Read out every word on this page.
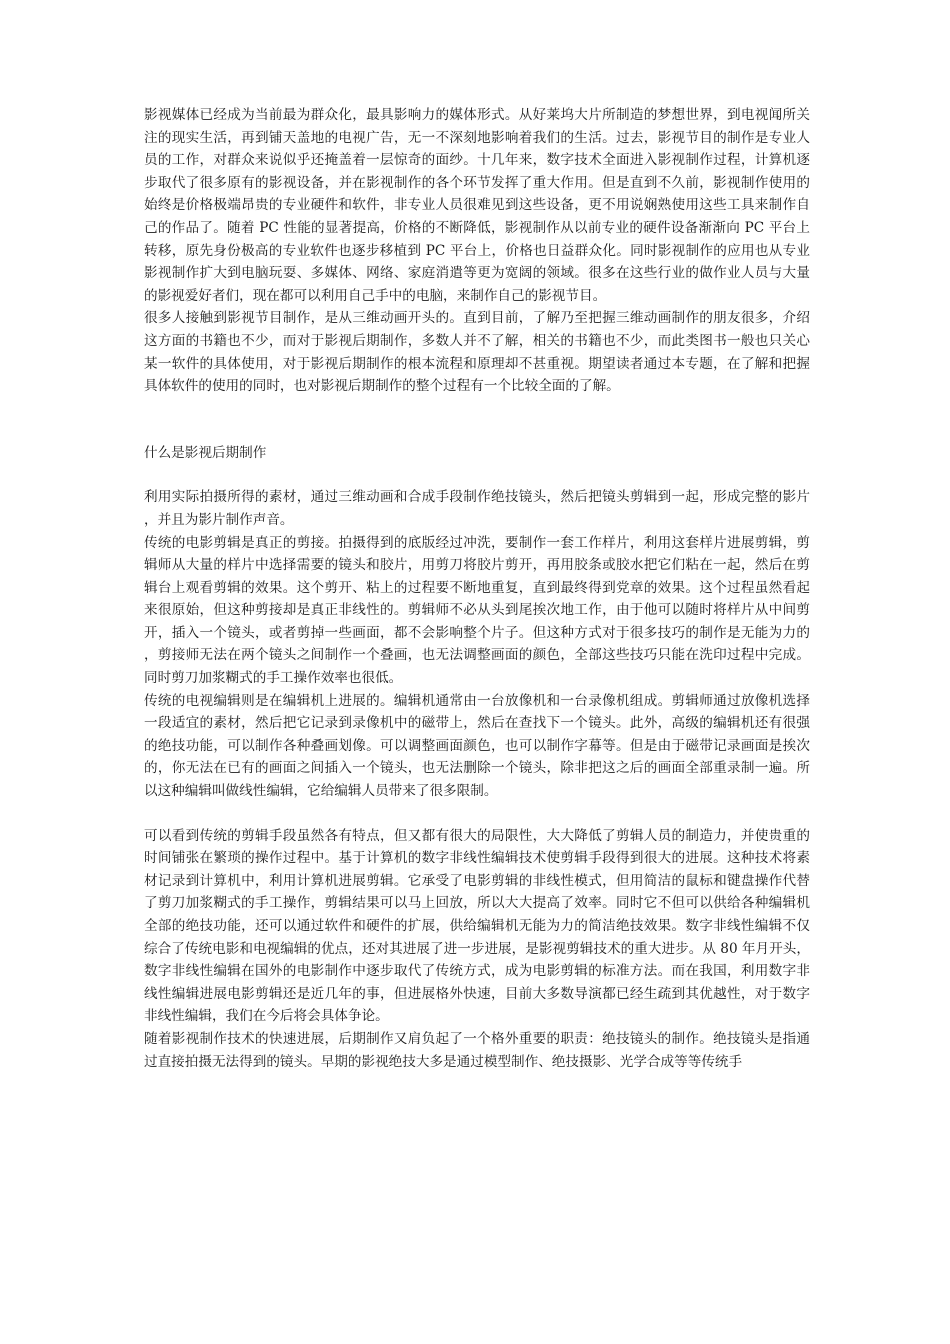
影视媒体已经成为当前最为群众化，最具影响力的媒体形式。从好莱坞大片所制造的梦想世界，到电视闻所关注的现实生活，再到铺天盖地的电视广告，无一不深刻地影响着我们的生活。过去，影视节目的制作是专业人员的工作，对群众来说似乎还掩盖着一层惊奇的面纱。十几年来，数字技术全面进入影视制作过程，计算机逐步取代了很多原有的影视设备，并在影视制作的各个环节发挥了重大作用。但是直到不久前，影视制作使用的始终是价格极端昂贵的专业硬件和软件，非专业人员很难见到这些设备，更不用说娴熟使用这些工具来制作自己的作品了。随着 PC 性能的显著提高，价格的不断降低，影视制作从以前专业的硬件设备渐渐向 PC 平台上转移，原先身份极高的专业软件也逐步移植到 PC 平台上，价格也日益群众化。同时影视制作的应用也从专业影视制作扩大到电脑玩耍、多媒体、网络、家庭消遣等更为宽阔的领域。很多在这些行业的做作业人员与大量的影视爱好者们，现在都可以利用自己手中的电脑，来制作自己的影视节目。

很多人接触到影视节目制作，是从三维动画开头的。直到目前，了解乃至把握三维动画制作的朋友很多，介绍这方面的书籍也不少，而对于影视后期制作，多数人并不了解，相关的书籍也不少，而此类图书一般也只关心某一软件的具体使用，对于影视后期制作的根本流程和原理却不甚重视。期望读者通过本专题，在了解和把握具体软件的使用的同时，也对影视后期制作的整个过程有一个比较全面的了解。

什么是影视后期制作

利用实际拍摄所得的素材，通过三维动画和合成手段制作绝技镜头，然后把镜头剪辑到一起，形成完整的影片，并且为影片制作声音。

传统的电影剪辑是真正的剪接。拍摄得到的底版经过冲洗，要制作一套工作样片，利用这套样片进展剪辑，剪辑师从大量的样片中选择需要的镜头和胶片，用剪刀将胶片剪开，再用胶条或胶水把它们粘在一起，然后在剪辑台上观看剪辑的效果。这个剪开、粘上的过程要不断地重复，直到最终得到党章的效果。这个过程虽然看起来很原始，但这种剪接却是真正非线性的。剪辑师不必从头到尾挨次地工作，由于他可以随时将样片从中间剪开，插入一个镜头，或者剪掉一些画面，都不会影响整个片子。但这种方式对于很多技巧的制作是无能为力的，剪接师无法在两个镜头之间制作一个叠画，也无法调整画面的颜色，全部这些技巧只能在洗印过程中完成。同时剪刀加浆糊式的手工操作效率也很低。

传统的电视编辑则是在编辑机上进展的。编辑机通常由一台放像机和一台录像机组成。剪辑师通过放像机选择一段适宜的素材，然后把它记录到录像机中的磁带上，然后在查找下一个镜头。此外，高级的编辑机还有很强的绝技功能，可以制作各种叠画划像。可以调整画面颜色，也可以制作字幕等。但是由于磁带记录画面是挨次的，你无法在已有的画面之间插入一个镜头，也无法删除一个镜头，除非把这之后的画面全部重录制一遍。所以这种编辑叫做线性编辑，它给编辑人员带来了很多限制。

可以看到传统的剪辑手段虽然各有特点，但又都有很大的局限性，大大降低了剪辑人员的制造力，并使贵重的时间铺张在繁琐的操作过程中。基于计算机的数字非线性编辑技术使剪辑手段得到很大的进展。这种技术将素材记录到计算机中，利用计算机进展剪辑。它承受了电影剪辑的非线性模式，但用简洁的鼠标和键盘操作代替了剪刀加浆糊式的手工操作，剪辑结果可以马上回放，所以大大提高了效率。同时它不但可以供给各种编辑机全部的绝技功能，还可以通过软件和硬件的扩展，供给编辑机无能为力的简洁绝技效果。数字非线性编辑不仅综合了传统电影和电视编辑的优点，还对其进展了进一步进展，是影视剪辑技术的重大进步。从 80 年月开头，数字非线性编辑在国外的电影制作中逐步取代了传统方式，成为电影剪辑的标准方法。而在我国，利用数字非线性编辑进展电影剪辑还是近几年的事，但进展格外快速，目前大多数导演都已经生疏到其优越性，对于数字非线性编辑，我们在今后将会具体争论。

随着影视制作技术的快速进展，后期制作又肩负起了一个格外重要的职责：绝技镜头的制作。绝技镜头是指通过直接拍摄无法得到的镜头。早期的影视绝技大多是通过模型制作、绝技摄影、光学合成等等传统手
